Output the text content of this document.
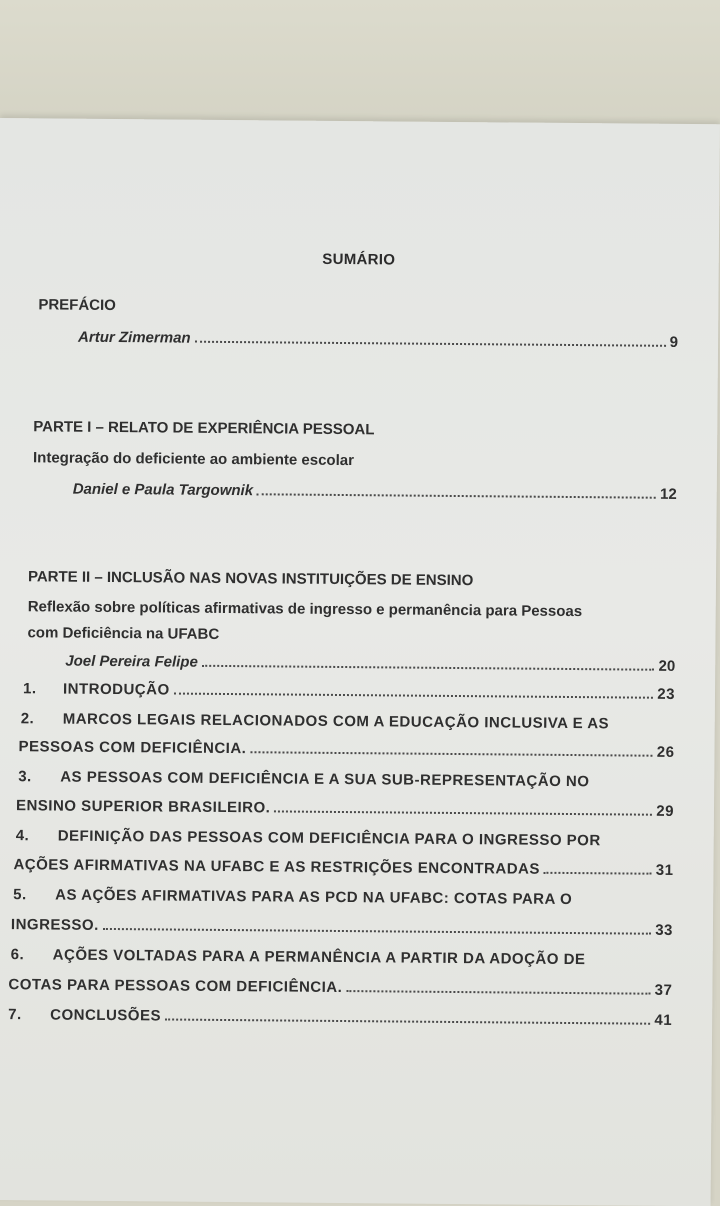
SUMÁRIO
PREFÁCIO
Artur Zimerman	9
PARTE I – RELATO DE EXPERIÊNCIA PESSOAL
Integração do deficiente ao ambiente escolar
Daniel e Paula Targownik	12
PARTE II – INCLUSÃO NAS NOVAS INSTITUIÇÕES DE ENSINO
Reflexão sobre políticas afirmativas de ingresso e permanência para Pessoas
com Deficiência na UFABC
Joel Pereira Felipe	20
1.	INTRODUÇÃO	23
2. MARCOS LEGAIS RELACIONADOS COM A EDUCAÇÃO INCLUSIVA E AS
PESSOAS COM DEFICIÊNCIA.	26
3. AS PESSOAS COM DEFICIÊNCIA E A SUA SUB-REPRESENTAÇÃO NO
ENSINO SUPERIOR BRASILEIRO.	29
4. DEFINIÇÃO DAS PESSOAS COM DEFICIÊNCIA PARA O INGRESSO POR
AÇÕES AFIRMATIVAS NA UFABC E AS RESTRIÇÕES ENCONTRADAS	31
5. AS AÇÕES AFIRMATIVAS PARA AS PCD NA UFABC: COTAS PARA O
INGRESSO.	33
6. AÇÕES VOLTADAS PARA A PERMANÊNCIA A PARTIR DA ADOÇÃO DE
COTAS PARA PESSOAS COM DEFICIÊNCIA.	37
7.	CONCLUSÕES	41
